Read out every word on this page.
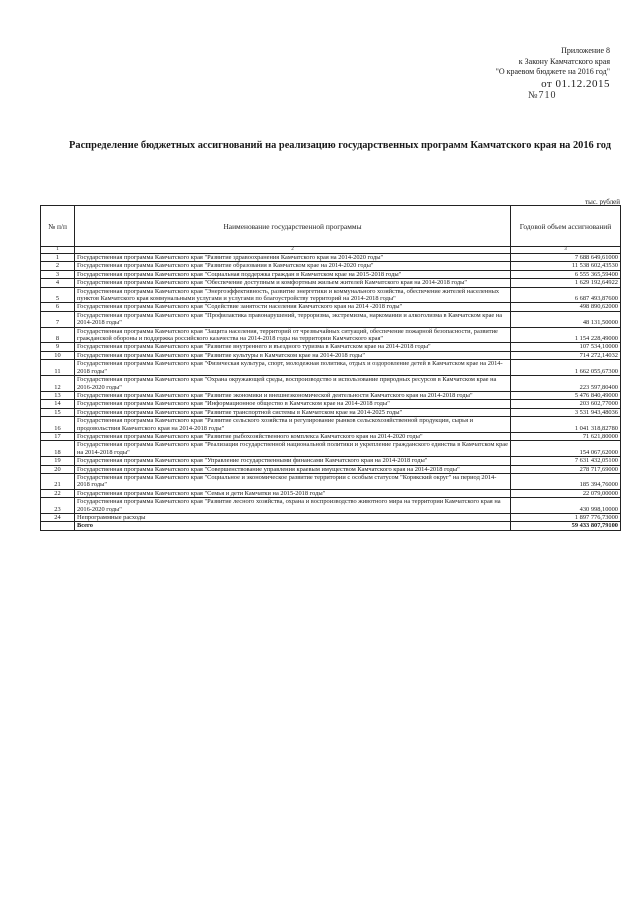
Приложение 8
к Закону Камчатского края
"О краевом бюджете на 2016 год"
от 01.12.2015
№710
Распределение бюджетных ассигнований на реализацию государственных программ Камчатского края на 2016 год
тыс. рублей
№ п/п	Наименование государственной программы	Годовой объем ассигнований
1	2	3
1	Государственная программа Камчатского края "Развитие здравоохранения Камчатского края на 2014-2020 годы"	7 688 649,61000
2	Государственная программа Камчатского края "Развитие образования в Камчатском крае на 2014-2020 годы"	11 538 602,43530
3	Государственная программа Камчатского края "Социальная поддержка граждан в Камчатском крае на 2015-2018 годы"	6 555 365,59400
4	Государственная программа Камчатского края "Обеспечение доступным и комфортным жильем жителей Камчатского края на 2014-2018 годы"	1 629 192,64922
5	Государственная программа Камчатского края "Энергоэффективность, развитие энергетики и коммунального хозяйства, обеспечение жителей населенных пунктов Камчатского края коммунальными услугами и услугами по благоустройству территорий на 2014-2018 годы"	6 687 493,87600
6	Государственная программа Камчатского края "Содействие занятости населения Камчатского края на 2014 -2018 годы"	498 890,62000
7	Государственная программа Камчатского края "Профилактика правонарушений, терроризма, экстремизма, наркомании и алкоголизма в Камчатском крае на 2014-2018 годы"	48 131,50000
8	Государственная программа Камчатского края "Защита населения, территорий от чрезвычайных ситуаций, обеспечение пожарной безопасности, развитие гражданской обороны и поддержка российского казачества на 2014-2018 годы на территории Камчатского края"	1 154 228,49000
9	Государственная программа Камчатского края "Развитие внутреннего и въездного туризма в Камчатском крае на 2014-2018 годы"	107 534,10000
10	Государственная программа Камчатского края "Развитие культуры в Камчатском крае на 2014-2018 годы"	714 272,14032
11	Государственная программа Камчатского края "Физическая культура, спорт, молодежная политика, отдых и оздоровление детей в Камчатском крае на 2014-2018 годы"	1 662 055,67300
12	Государственная программа Камчатского края "Охрана окружающей среды, воспроизводство и использование природных ресурсов в Камчатском крае на 2016-2020 годы"	223 597,80400
13	Государственная программа Камчатского края "Развитие экономики и внешнеэкономической деятельности Камчатского края на 2014-2018 годы"	5 476 840,49000
14	Государственная программа Камчатского края "Информационное общество в Камчатском крае на 2014-2018 годы"	203 602,77000
15	Государственная программа Камчатского края "Развитие транспортной системы в Камчатском крае на 2014-2025 годы"	3 531 943,48036
16	Государственная программа Камчатского края "Развитие сельского хозяйства и регулирование рынков сельскохозяйственной продукции, сырья и продовольствия Камчатского края на 2014-2018 годы"	1 041 318,82780
17	Государственная программа Камчатского края "Развитие рыбохозяйственного комплекса Камчатского края на 2014-2020 годы"	71 621,80000
18	Государственная программа Камчатского края "Реализация государственной национальной политики и укрепление гражданского единства в Камчатском крае на 2014-2018 годы"	154 067,62000
19	Государственная программа Камчатского края "Управление государственными финансами Камчатского края на 2014-2018 годы"	7 631 432,05100
20	Государственная программа Камчатского края "Совершенствование управления краевым имуществом Камчатского края на 2014-2018 годы"	278 717,69000
21	Государственная программа Камчатского края "Социальное и экономическое развитие территории с особым статусом "Корякский округ" на период 2014-2018 годы"	185 394,76000
22	Государственная программа Камчатского края "Семья и дети Камчатки на 2015-2018 годы"	22 079,00000
23	Государственная программа Камчатского края "Развитие лесного хозяйства, охрана и воспроизводство животного мира на территории Камчатского края на 2016-2020 годы"	430 998,10000
24	Непрограммные расходы	1 897 776,73000
	Всего	59 433 807,79100
